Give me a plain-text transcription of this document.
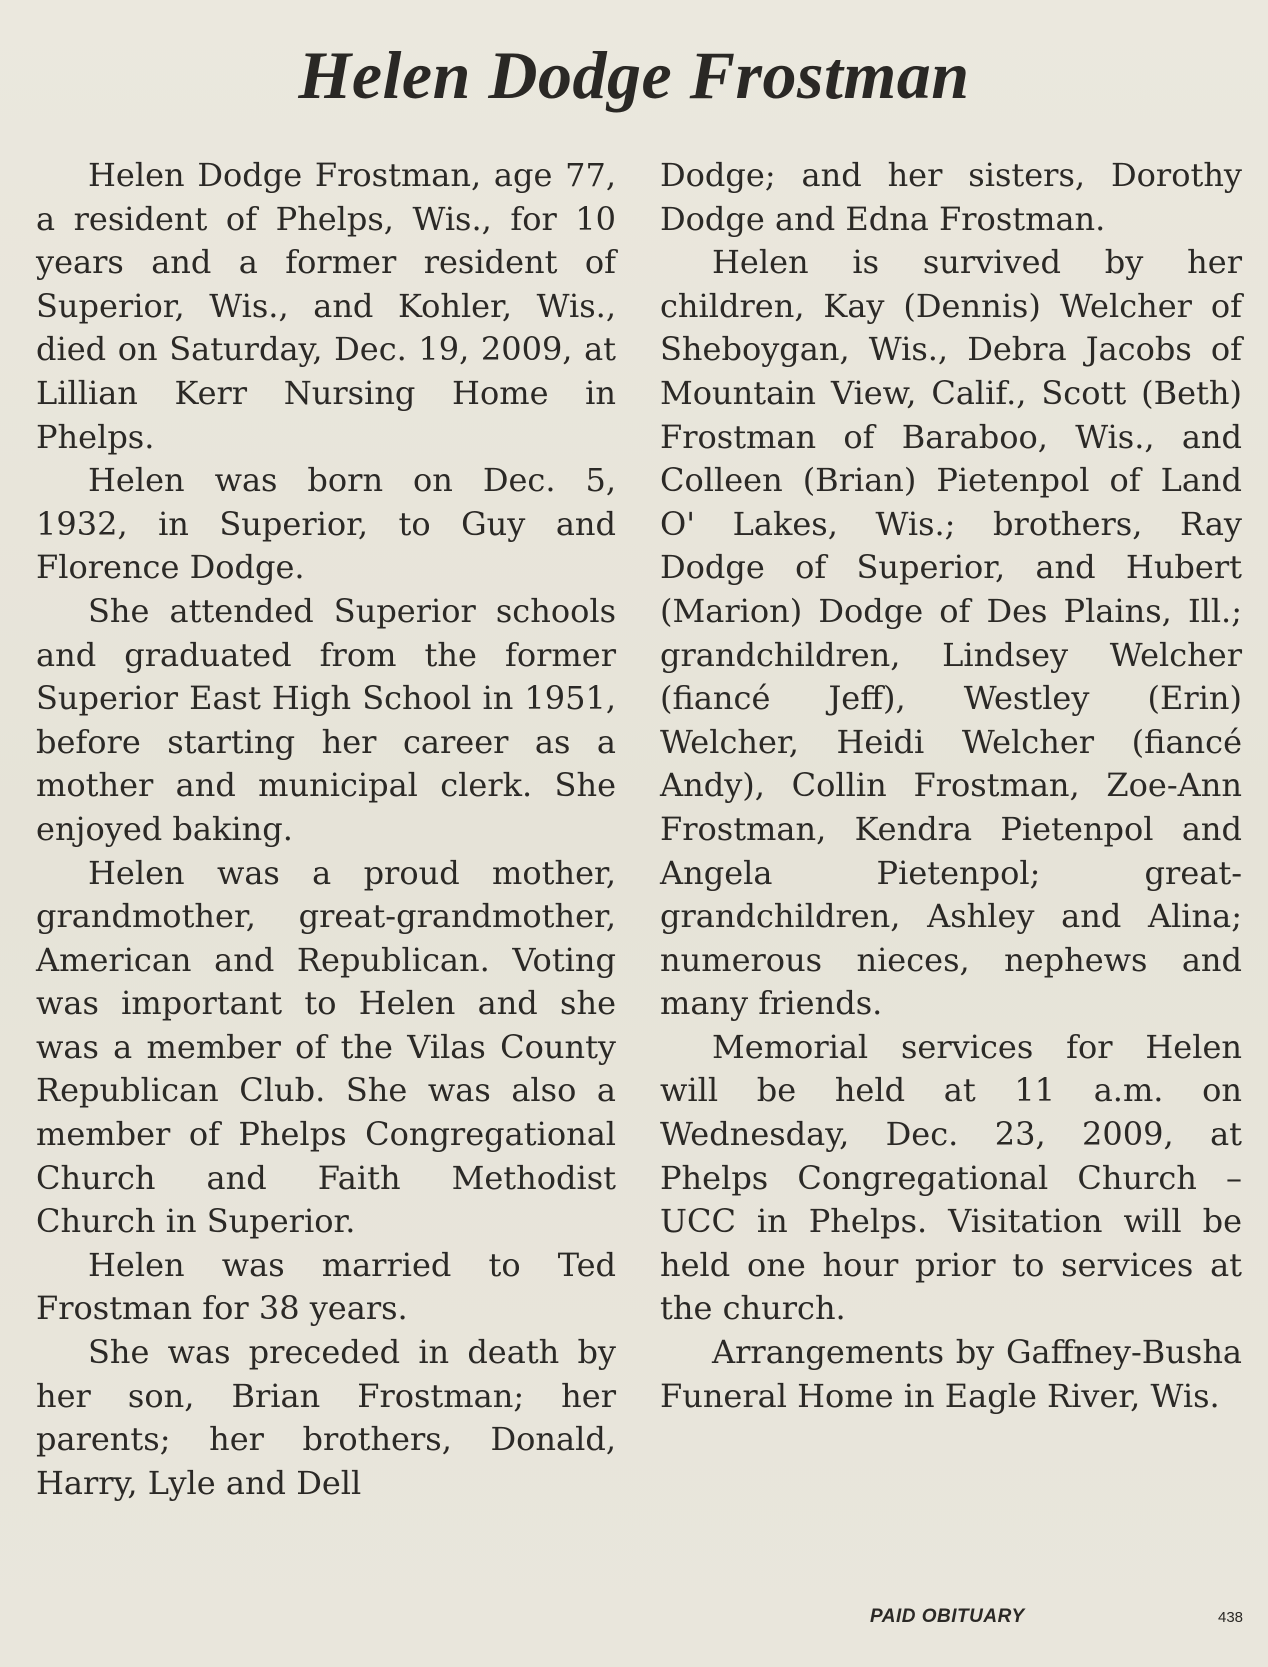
Helen Dodge Frostman

Helen Dodge Frostman, age 77, a resident of Phelps, Wis., for 10 years and a former resident of Superior, Wis., and Kohler, Wis., died on Saturday, Dec. 19, 2009, at Lillian Kerr Nursing Home in Phelps.

Helen was born on Dec. 5, 1932, in Superior, to Guy and Florence Dodge.

She attended Superior schools and graduated from the former Superior East High School in 1951, before starting her career as a mother and municipal clerk. She enjoyed baking.

Helen was a proud mother, grandmother, great-grandmother, American and Republican. Voting was important to Helen and she was a member of the Vilas County Republican Club. She was also a member of Phelps Congregational Church and Faith Methodist Church in Superior.

Helen was married to Ted Frostman for 38 years.

She was preceded in death by her son, Brian Frostman; her parents; her brothers, Donald, Harry, Lyle and Dell

Dodge; and her sisters, Dorothy Dodge and Edna Frostman.

Helen is survived by her children, Kay (Dennis) Welcher of Sheboygan, Wis., Debra Jacobs of Mountain View, Calif., Scott (Beth) Frostman of Baraboo, Wis., and Colleen (Brian) Pietenpol of Land O' Lakes, Wis.; brothers, Ray Dodge of Superior, and Hubert (Marion) Dodge of Des Plains, Ill.; grandchildren, Lindsey Welcher (fiancé Jeff), Westley (Erin) Welcher, Heidi Welcher (fiancé Andy), Collin Frostman, Zoe-Ann Frostman, Kendra Pietenpol and Angela Pietenpol; great-grandchildren, Ashley and Alina; numerous nieces, nephews and many friends.

Memorial services for Helen will be held at 11 a.m. on Wednesday, Dec. 23, 2009, at Phelps Congregational Church – UCC in Phelps. Visitation will be held one hour prior to services at the church.

Arrangements by Gaffney-Busha Funeral Home in Eagle River, Wis.

PAID OBITUARY	438
